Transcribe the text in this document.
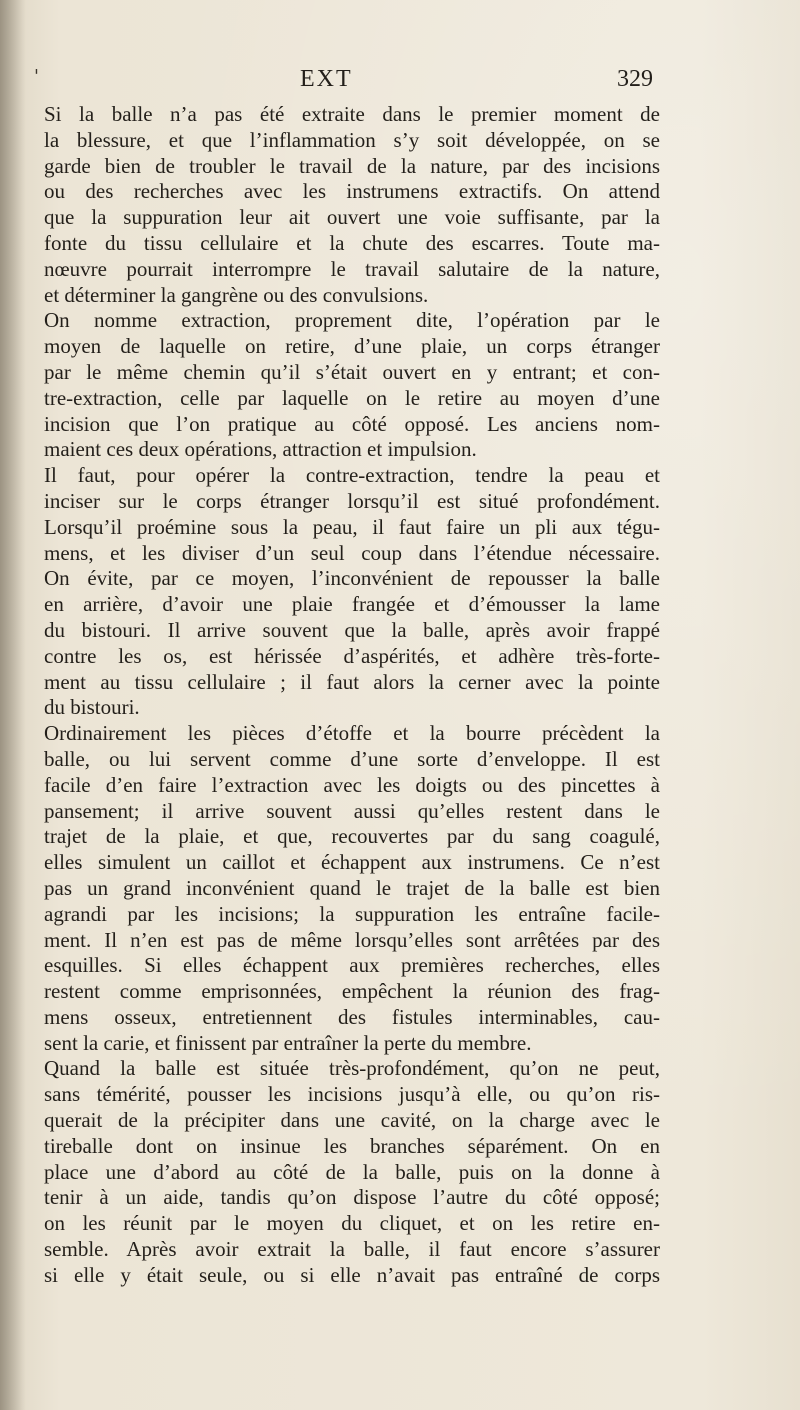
'	EXT	329
Si la balle n’a pas été extraite dans le premier moment de
la blessure, et que l’inflammation s’y soit développée, on se
garde bien de troubler le travail de la nature, par des incisions
ou des recherches avec les instrumens extractifs. On attend
que la suppuration leur ait ouvert une voie suffisante, par la
fonte du tissu cellulaire et la chute des escarres. Toute ma-
nœuvre pourrait interrompre le travail salutaire de la nature,
et déterminer la gangrène ou des convulsions.
On nomme extraction, proprement dite, l’opération par le
moyen de laquelle on retire, d’une plaie, un corps étranger
par le même chemin qu’il s’était ouvert en y entrant; et con-
tre-extraction, celle par laquelle on le retire au moyen d’une
incision que l’on pratique au côté opposé. Les anciens nom-
maient ces deux opérations, attraction et impulsion.
Il faut, pour opérer la contre-extraction, tendre la peau et
inciser sur le corps étranger lorsqu’il est situé profondément.
Lorsqu’il proémine sous la peau, il faut faire un pli aux tégu-
mens, et les diviser d’un seul coup dans l’étendue nécessaire.
On évite, par ce moyen, l’inconvénient de repousser la balle
en arrière, d’avoir une plaie frangée et d’émousser la lame
du bistouri. Il arrive souvent que la balle, après avoir frappé
contre les os, est hérissée d’aspérités, et adhère très-forte-
ment au tissu cellulaire ; il faut alors la cerner avec la pointe
du bistouri.
Ordinairement les pièces d’étoffe et la bourre précèdent la
balle, ou lui servent comme d’une sorte d’enveloppe. Il est
facile d’en faire l’extraction avec les doigts ou des pincettes à
pansement; il arrive souvent aussi qu’elles restent dans le
trajet de la plaie, et que, recouvertes par du sang coagulé,
elles simulent un caillot et échappent aux instrumens. Ce n’est
pas un grand inconvénient quand le trajet de la balle est bien
agrandi par les incisions; la suppuration les entraîne facile-
ment. Il n’en est pas de même lorsqu’elles sont arrêtées par des
esquilles. Si elles échappent aux premières recherches, elles
restent comme emprisonnées, empêchent la réunion des frag-
mens osseux, entretiennent des fistules interminables, cau-
sent la carie, et finissent par entraîner la perte du membre.
Quand la balle est située très-profondément, qu’on ne peut,
sans témérité, pousser les incisions jusqu’à elle, ou qu’on ris-
querait de la précipiter dans une cavité, on la charge avec le
tireballe dont on insinue les branches séparément. On en
place une d’abord au côté de la balle, puis on la donne à
tenir à un aide, tandis qu’on dispose l’autre du côté opposé;
on les réunit par le moyen du cliquet, et on les retire en-
semble. Après avoir extrait la balle, il faut encore s’assurer
si elle y était seule, ou si elle n’avait pas entraîné de corps
